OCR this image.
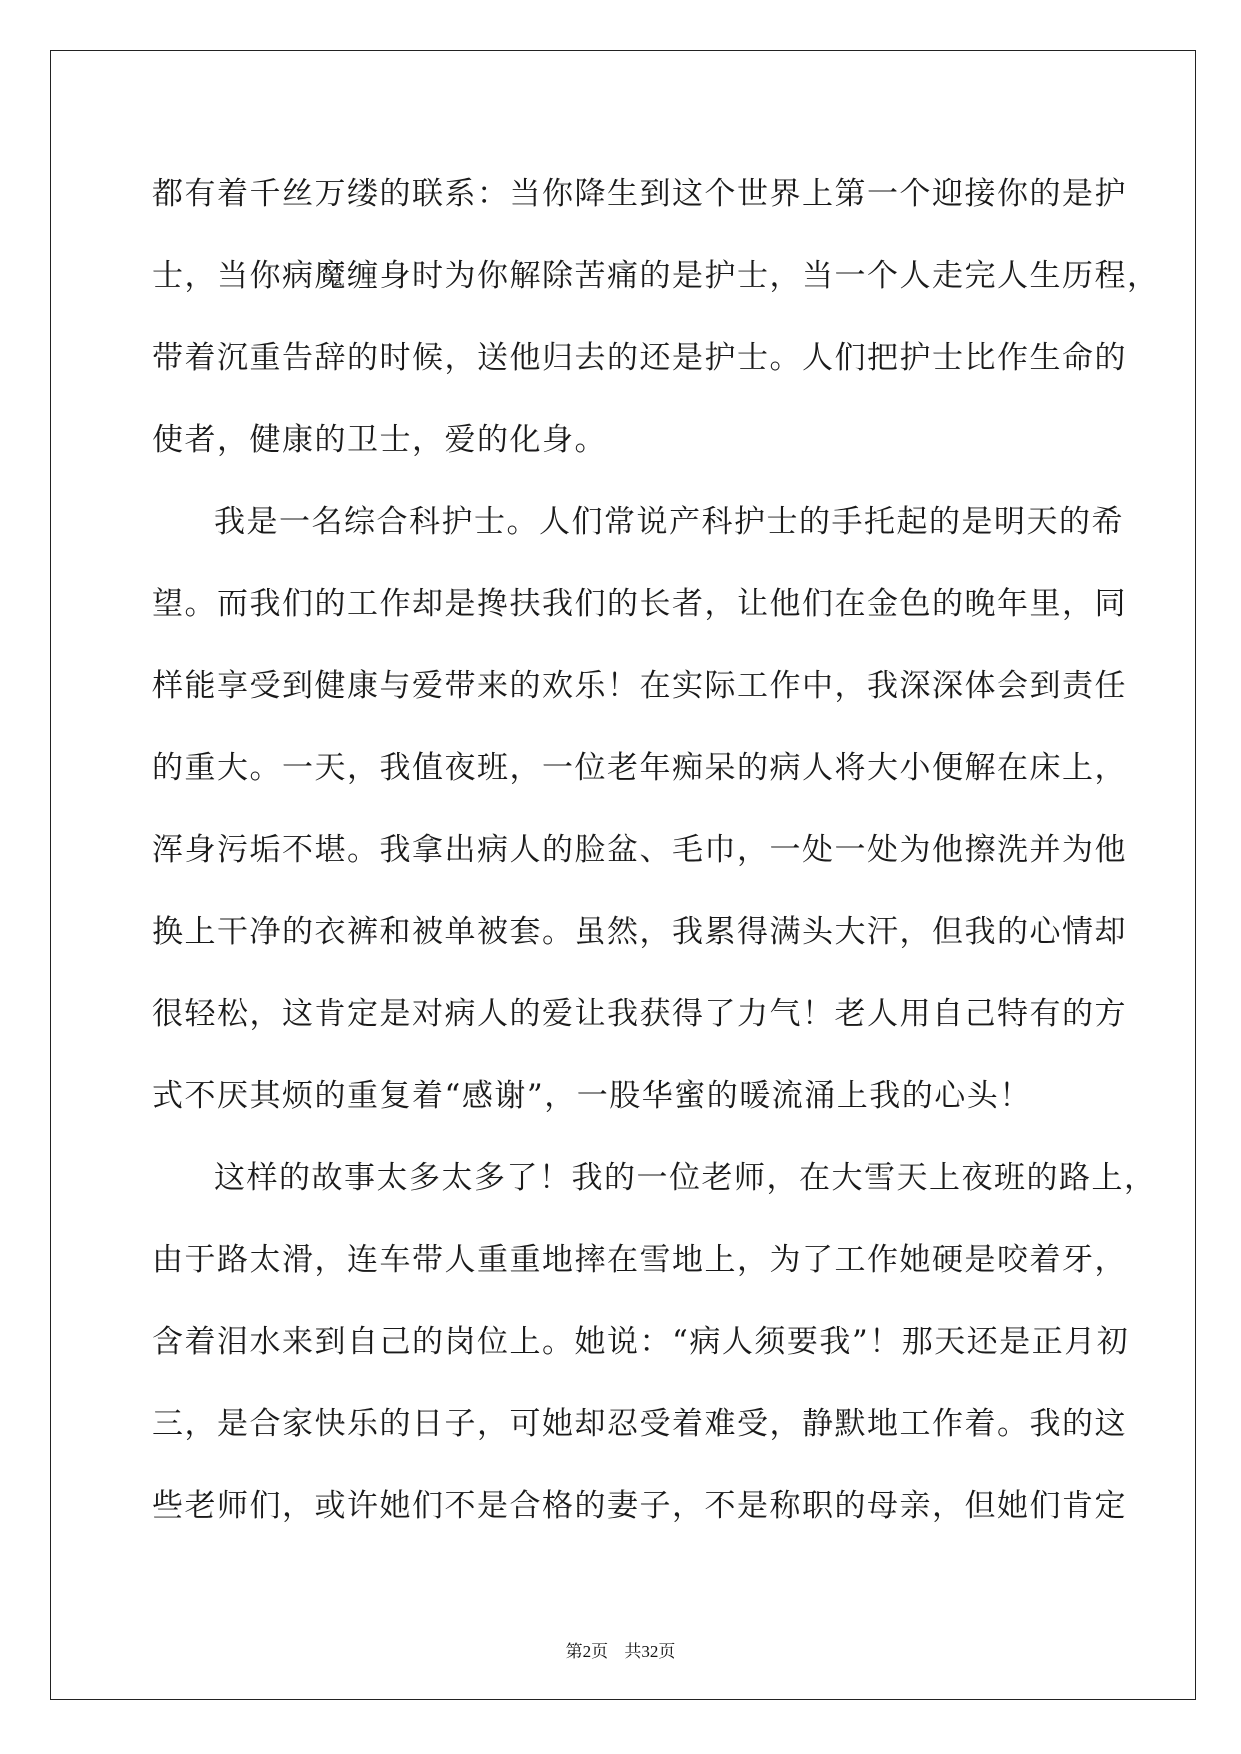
都有着千丝万缕的联系：当你降生到这个世界上第一个迎接你的是护
士，当你病魔缠身时为你解除苦痛的是护士，当一个人走完人生历程，
带着沉重告辞的时候，送他归去的还是护士。人们把护士比作生命的
使者，健康的卫士，爱的化身。
我是一名综合科护士。人们常说产科护士的手托起的是明天的希
望。而我们的工作却是搀扶我们的长者，让他们在金色的晚年里，同
样能享受到健康与爱带来的欢乐！在实际工作中，我深深体会到责任
的重大。一天，我值夜班，一位老年痴呆的病人将大小便解在床上，
浑身污垢不堪。我拿出病人的脸盆、毛巾，一处一处为他擦洗并为他
换上干净的衣裤和被单被套。虽然，我累得满头大汗，但我的心情却
很轻松，这肯定是对病人的爱让我获得了力气！老人用自己特有的方
式不厌其烦的重复着“感谢”，一股华蜜的暖流涌上我的心头！
这样的故事太多太多了！我的一位老师，在大雪天上夜班的路上，
由于路太滑，连车带人重重地摔在雪地上，为了工作她硬是咬着牙，
含着泪水来到自己的岗位上。她说：“病人须要我”！那天还是正月初
三，是合家快乐的日子，可她却忍受着难受，静默地工作着。我的这
些老师们，或许她们不是合格的妻子，不是称职的母亲，但她们肯定
第2页 共32页
